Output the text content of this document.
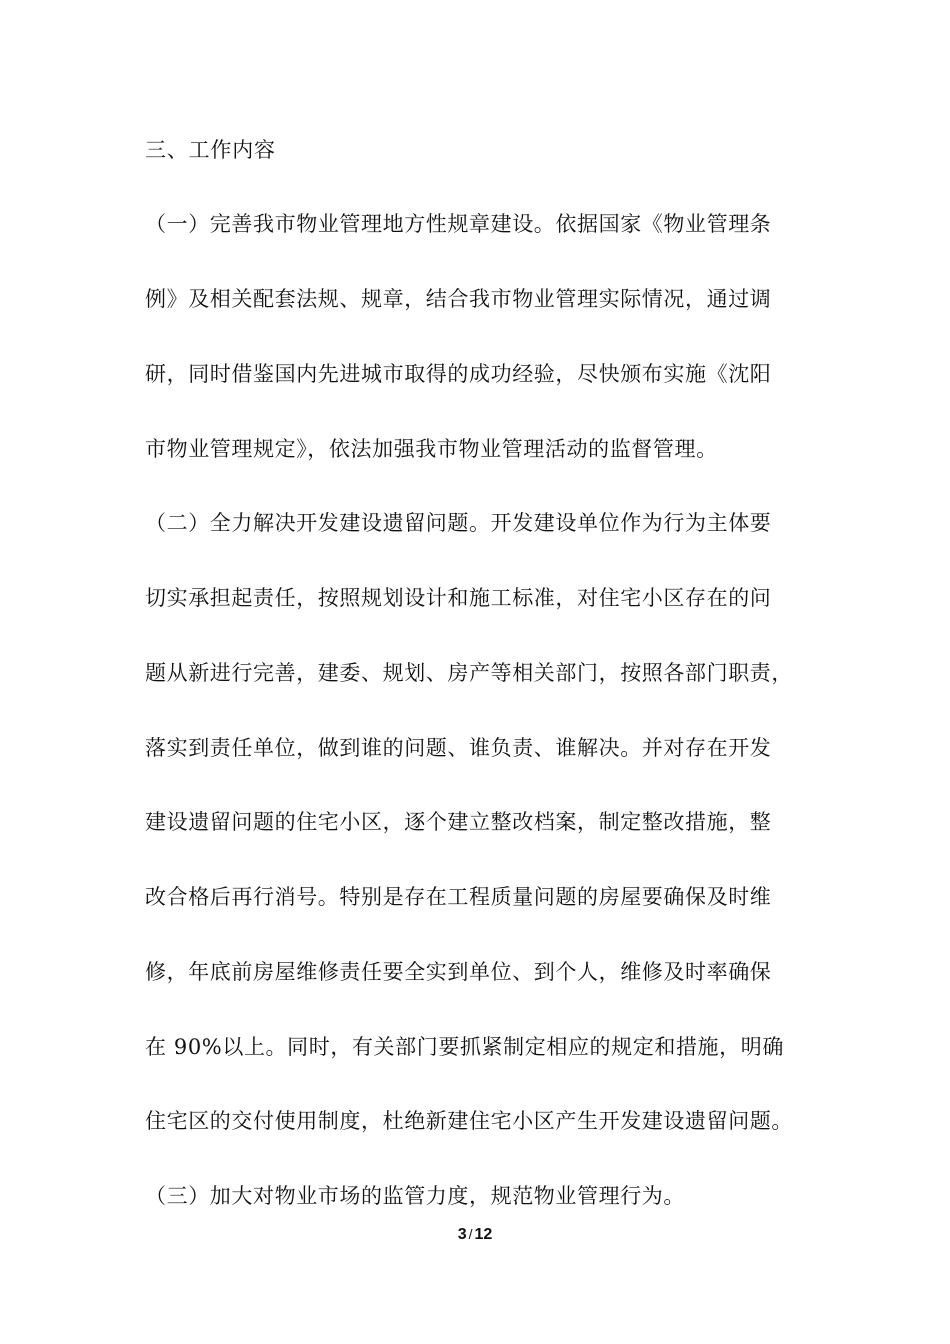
三、工作内容
（一）完善我市物业管理地方性规章建设。依据国家《物业管理条
例》及相关配套法规、规章，结合我市物业管理实际情况，通过调
研，同时借鉴国内先进城市取得的成功经验，尽快颁布实施《沈阳
市物业管理规定》，依法加强我市物业管理活动的监督管理。
（二）全力解决开发建设遗留问题。开发建设单位作为行为主体要
切实承担起责任，按照规划设计和施工标准，对住宅小区存在的问
题从新进行完善，建委、规划、房产等相关部门，按照各部门职责，
落实到责任单位，做到谁的问题、谁负责、谁解决。并对存在开发
建设遗留问题的住宅小区，逐个建立整改档案，制定整改措施，整
改合格后再行消号。特别是存在工程质量问题的房屋要确保及时维
修，年底前房屋维修责任要全实到单位、到个人，维修及时率确保
在 90%以上。同时，有关部门要抓紧制定相应的规定和措施，明确
住宅区的交付使用制度，杜绝新建住宅小区产生开发建设遗留问题。
（三）加大对物业市场的监管力度，规范物业管理行为。
3 / 12
